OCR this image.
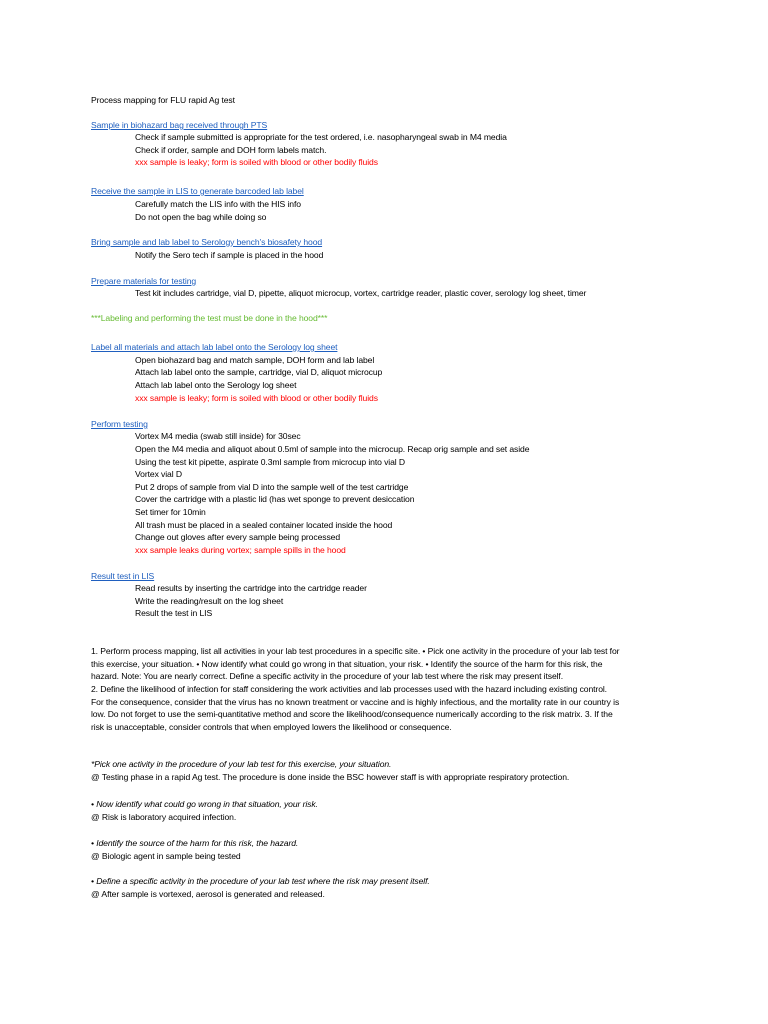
Process mapping for FLU rapid Ag test
Sample in biohazard bag received through PTS
Check if sample submitted is appropriate for the test ordered, i.e. nasopharyngeal swab in M4 media
Check if order, sample and DOH form labels match.
xxx sample is leaky; form is soiled with blood or other bodily fluids
Receive the sample in LIS to generate barcoded lab label
Carefully match the LIS info with the HIS info
Do not open the bag while doing so
Bring sample and lab label to Serology bench's biosafety hood
Notify the Sero tech if sample is placed in the hood
Prepare materials for testing
Test kit includes cartridge, vial D, pipette, aliquot microcup, vortex, cartridge reader, plastic cover, serology log sheet, timer
***Labeling and performing the test must be done in the hood***
Label all materials and attach lab label onto the Serology log sheet
Open biohazard bag and match sample, DOH form and lab label
Attach lab label onto the sample, cartridge, vial D, aliquot microcup
Attach lab label onto the Serology log sheet
xxx sample is leaky; form is soiled with blood or other bodily fluids
Perform testing
Vortex M4 media (swab still inside) for 30sec
Open the M4 media and aliquot about 0.5ml of sample into the microcup. Recap orig sample and set aside
Using the test kit pipette, aspirate 0.3ml sample from microcup into vial D
Vortex vial D
Put 2 drops of sample from vial D into the sample well of the test cartridge
Cover the cartridge with a plastic lid (has wet sponge to prevent desiccation
Set timer for 10min
All trash must be placed in a sealed container located inside the hood
Change out gloves after every sample being processed
xxx sample leaks during vortex; sample spills in the hood
Result test in LIS
Read results by inserting the cartridge into the cartridge reader
Write the reading/result on the log sheet
Result the test in LIS
1. Perform process mapping, list all activities in your lab test procedures in a specific site. • Pick one activity in the procedure of your lab test for
this exercise, your situation. • Now identify what could go wrong in that situation, your risk. • Identify the source of the harm for this risk, the
hazard. Note: You are nearly correct. Define a specific activity in the procedure of your lab test where the risk may present itself.
2. Define the likelihood of infection for staff considering the work activities and lab processes used with the hazard including existing control.
For the consequence, consider that the virus has no known treatment or vaccine and is highly infectious, and the mortality rate in our country is
low. Do not forget to use the semi-quantitative method and score the likelihood/consequence numerically according to the risk matrix. 3. If the
risk is unacceptable, consider controls that when employed lowers the likelihood or consequence.
*Pick one activity in the procedure of your lab test for this exercise, your situation.
@ Testing phase in a rapid Ag test. The procedure is done inside the BSC however staff is with appropriate respiratory protection.
• Now identify what could go wrong in that situation, your risk.
@ Risk is laboratory acquired infection.
• Identify the source of the harm for this risk, the hazard.
@ Biologic agent in sample being tested
• Define a specific activity in the procedure of your lab test where the risk may present itself.
@ After sample is vortexed, aerosol is generated and released.
